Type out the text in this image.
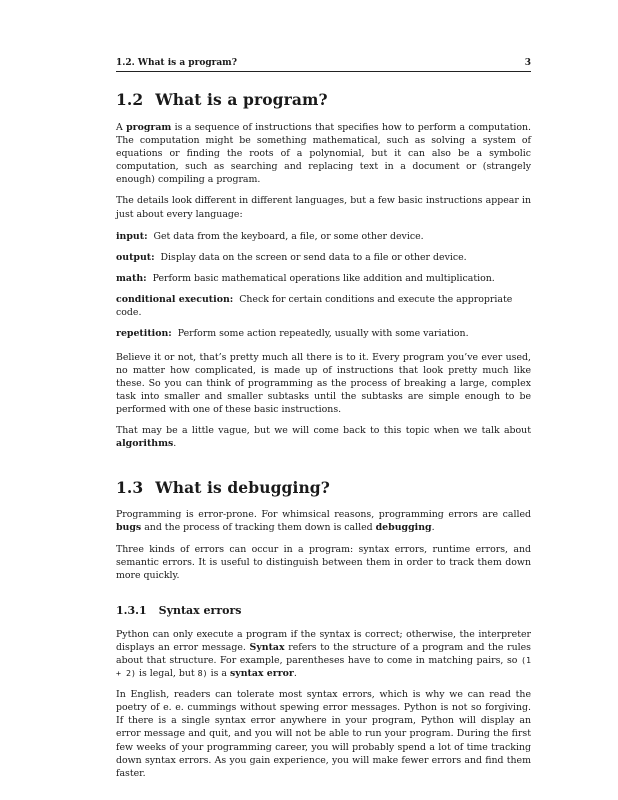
1.2. What is a program?	3
1.2 What is a program?

A program is a sequence of instructions that specifies how to perform a computation. The computation might be something mathematical, such as solving a system of equations or finding the roots of a polynomial, but it can also be a symbolic computation, such as searching and replacing text in a document or (strangely enough) compiling a program.

The details look different in different languages, but a few basic instructions appear in just about every language:

input: Get data from the keyboard, a file, or some other device.
output: Display data on the screen or send data to a file or other device.
math: Perform basic mathematical operations like addition and multiplication.
conditional execution: Check for certain conditions and execute the appropriate code.
repetition: Perform some action repeatedly, usually with some variation.

Believe it or not, that’s pretty much all there is to it. Every program you’ve ever used, no matter how complicated, is made up of instructions that look pretty much like these. So you can think of programming as the process of breaking a large, complex task into smaller and smaller subtasks until the subtasks are simple enough to be performed with one of these basic instructions.

That may be a little vague, but we will come back to this topic when we talk about algorithms.

1.3 What is debugging?

Programming is error-prone. For whimsical reasons, programming errors are called bugs and the process of tracking them down is called debugging.

Three kinds of errors can occur in a program: syntax errors, runtime errors, and semantic errors. It is useful to distinguish between them in order to track them down more quickly.

1.3.1 Syntax errors

Python can only execute a program if the syntax is correct; otherwise, the interpreter displays an error message. Syntax refers to the structure of a program and the rules about that structure. For example, parentheses have to come in matching pairs, so (1 + 2) is legal, but 8) is a syntax error.

In English, readers can tolerate most syntax errors, which is why we can read the poetry of e. e. cummings without spewing error messages. Python is not so forgiving. If there is a single syntax error anywhere in your program, Python will display an error message and quit, and you will not be able to run your program. During the first few weeks of your programming career, you will probably spend a lot of time tracking down syntax errors. As you gain experience, you will make fewer errors and find them faster.
